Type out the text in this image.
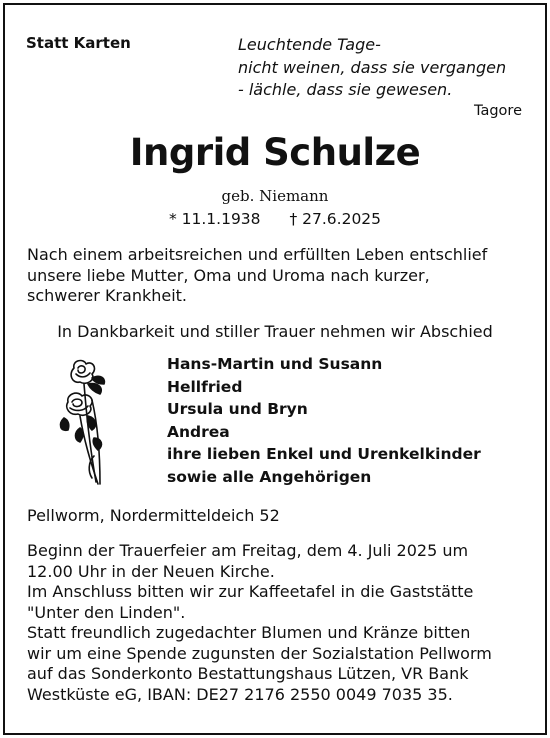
Statt Karten	Leuchtende Tage-
nicht weinen, dass sie vergangen
- lächle, dass sie gewesen.
Tagore
Ingrid Schulze
geb. Niemann
* 11.1.1938 † 27.6.2025

Nach einem arbeitsreichen und erfüllten Leben entschlief

unsere liebe Mutter, Oma und Uroma nach kurzer,

schwerer Krankheit.

In Dankbarkeit und stiller Trauer nehmen wir Abschied
Hans-Martin und Susann
Hellfried
Ursula und Bryn
Andrea
ihre lieben Enkel und Urenkelkinder
sowie alle Angehörigen
Pellworm, Nordermitteldeich 52

Beginn der Trauerfeier am Freitag, dem 4. Juli 2025 um

12.00 Uhr in der Neuen Kirche.

Im Anschluss bitten wir zur Kaffeetafel in die Gaststätte

"Unter den Linden".

Statt freundlich zugedachter Blumen und Kränze bitten

wir um eine Spende zugunsten der Sozialstation Pellworm

auf das Sonderkonto Bestattungshaus Lützen, VR Bank

Westküste eG, IBAN: DE27 2176 2550 0049 7035 35.
